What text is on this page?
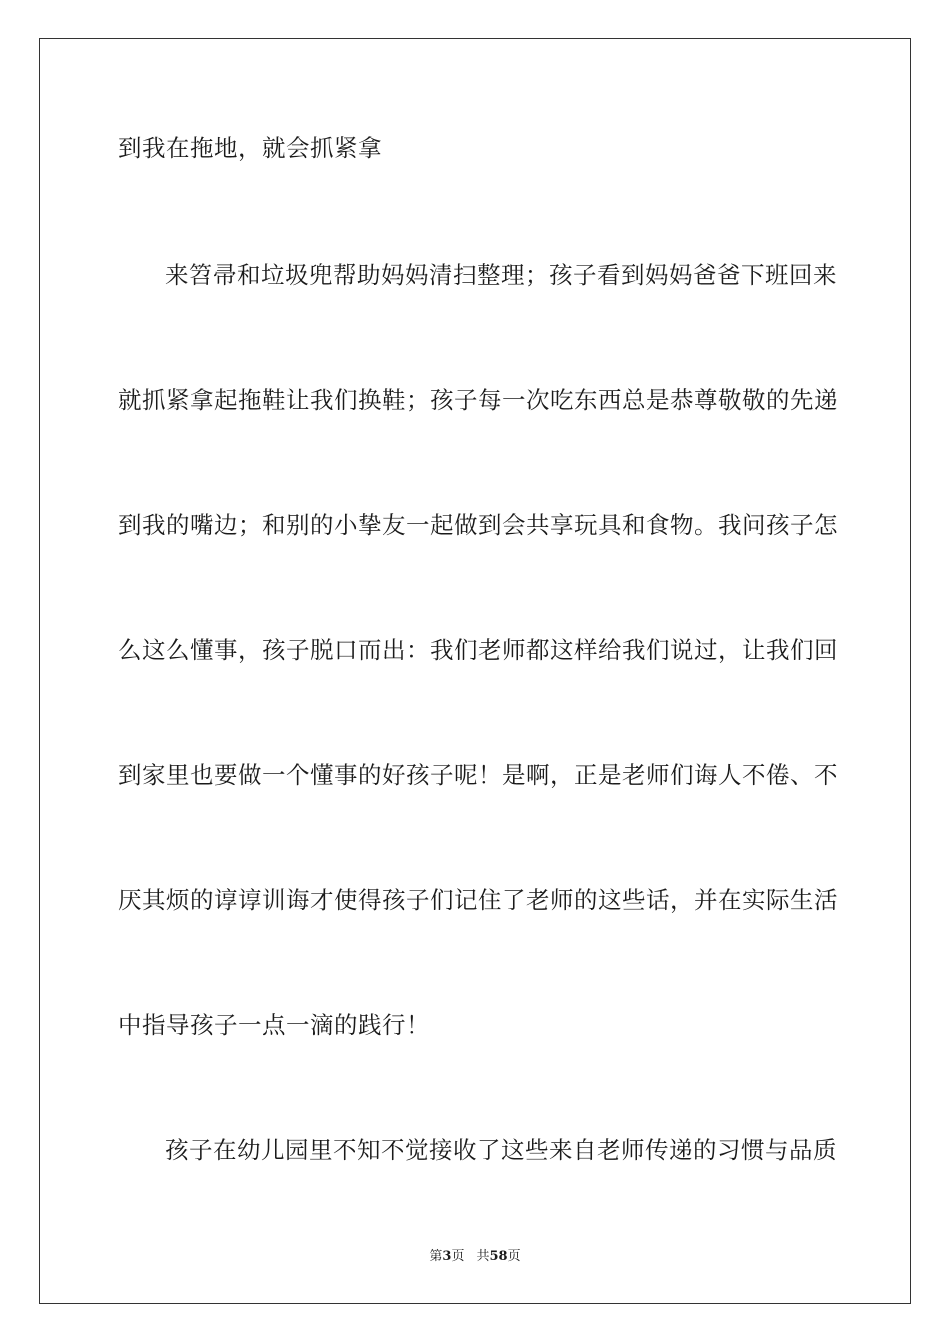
到我在拖地，就会抓紧拿
来笤帚和垃圾兜帮助妈妈清扫整理；孩子看到妈妈爸爸下班回来
就抓紧拿起拖鞋让我们换鞋；孩子每一次吃东西总是恭尊敬敬的先递
到我的嘴边；和别的小挚友一起做到会共享玩具和食物。我问孩子怎
么这么懂事，孩子脱口而出：我们老师都这样给我们说过，让我们回
到家里也要做一个懂事的好孩子呢！是啊，正是老师们诲人不倦、不
厌其烦的谆谆训诲才使得孩子们记住了老师的这些话，并在实际生活
中指导孩子一点一滴的践行！
孩子在幼儿园里不知不觉接收了这些来自老师传递的习惯与品质
第3页 共58页
